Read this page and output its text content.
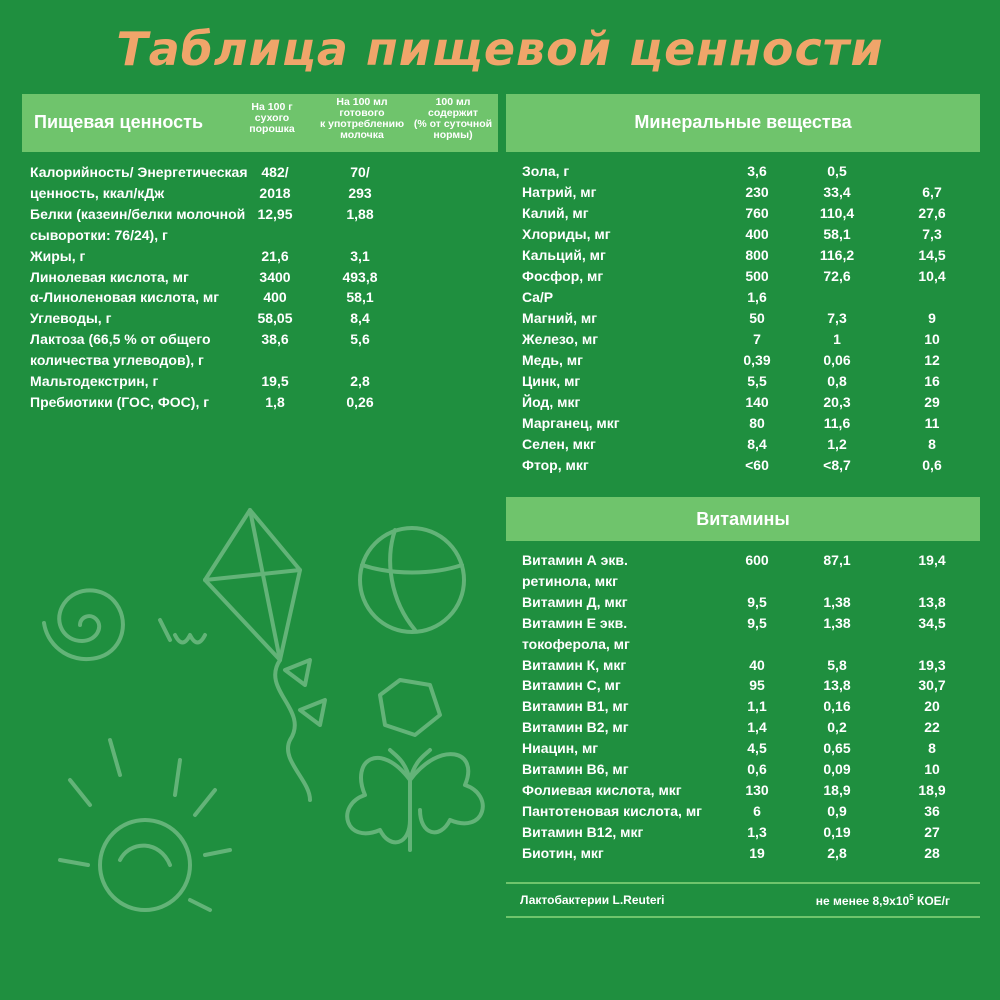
Таблица пищевой ценности
Пищевая ценность
На 100 г
сухого
порошка
На 100 мл
готового
к употреблению
молочка
100 мл
содержит
(% от суточной
нормы)
Минеральные вещества
Витамины
Калорийность/ Энергетическая 482/	70/
ценность, ккал/кДж	2018	293
Белки (казеин/белки молочной 12,95	1,88
сыворотки: 76/24), г
Жиры, г	21,6	3,1
Линолевая кислота, мг	3400	493,8
α-Линоленовая кислота, мг	400	58,1
Углеводы, г	58,05	8,4
Лактоза (66,5 % от общего	38,6	5,6
количества углеводов), г
Мальтодекстрин, г	19,5	2,8
Пребиотики (ГОС, ФОС), г	1,8	0,26
Зола, г	3,6	0,5
Натрий, мг	230	33,4	6,7
Калий, мг	760	110,4	27,6
Хлориды, мг	400	58,1	7,3
Кальций, мг	800	116,2	14,5
Фосфор, мг	500	72,6	10,4
Ca/P	1,6
Магний, мг	50	7,3	9
Железо, мг	7	1	10
Медь, мг	0,39	0,06	12
Цинк, мг	5,5	0,8	16
Йод, мкг	140	20,3	29
Марганец, мкг	80	11,6	11
Селен, мкг	8,4	1,2	8
Фтор, мкг	<60	<8,7	0,6
Витамин А экв.	600	87,1	19,4
ретинола, мкг
Витамин Д, мкг	9,5	1,38	13,8
Витамин Е экв.	9,5	1,38	34,5
токоферола, мг
Витамин К, мкг	40	5,8	19,3
Витамин С, мг	95	13,8	30,7
Витамин В1, мг	1,1	0,16	20
Витамин В2, мг	1,4	0,2	22
Ниацин, мг	4,5	0,65	8
Витамин В6, мг	0,6	0,09	10
Фолиевая кислота, мкг	130	18,9	18,9
Пантотеновая кислота, мг	6	0,9	36
Витамин В12, мкг	1,3	0,19	27
Биотин, мкг	19	2,8	28
Лактобактерии L.Reuteri	не менее $8,9х10^5$ КОЕ/г
